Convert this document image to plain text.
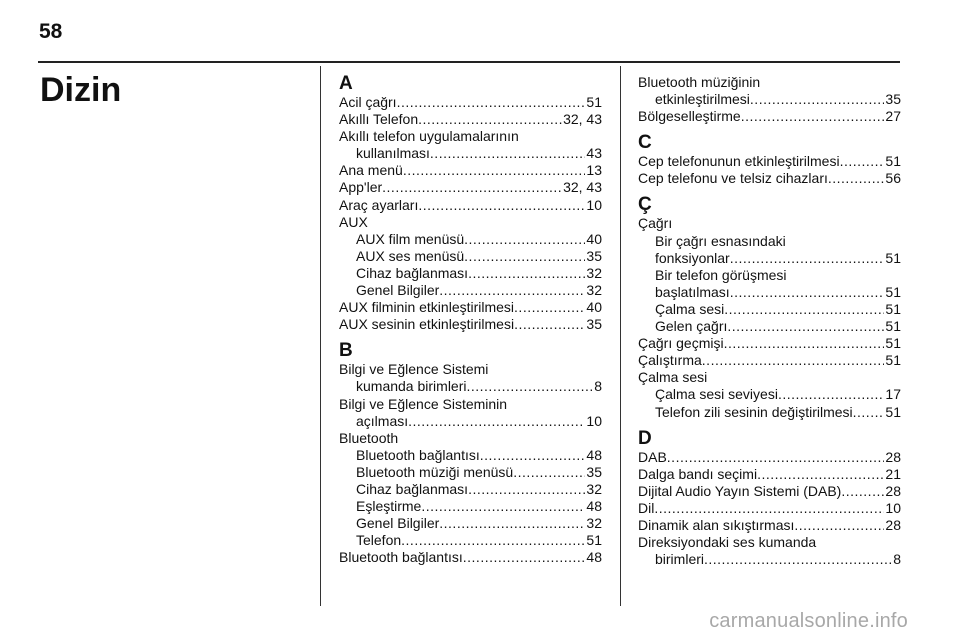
58
Dizin	A
Acil çağrı .....	51
Akıllı Telefon .....	32, 43
Akıllı telefon uygulamalarının
kullanılması .....	43
Ana menü .....	13
App'ler .....	32, 43
Araç ayarları .....	10
AUX
AUX film menüsü .....	40
AUX ses menüsü .....	35
Cihaz bağlanması .....	32
Genel Bilgiler .....	32
AUX filminin etkinleştirilmesi .....	40
AUX sesinin etkinleştirilmesi .....	35
B
Bilgi ve Eğlence Sistemi
kumanda birimleri .....	8
Bilgi ve Eğlence Sisteminin
açılması .....	10
Bluetooth
Bluetooth bağlantısı .....	48
Bluetooth müziği menüsü .....	35
Cihaz bağlanması .....	32
Eşleştirme .....	48
Genel Bilgiler .....	32
Telefon .....	51
Bluetooth bağlantısı .....	48
Bluetooth müziğinin
etkinleştirilmesi .....	35
Bölgeselleştirme .....	27
C
Cep telefonunun etkinleştirilmesi .....	51
Cep telefonu ve telsiz cihazları .....	56
Ç
Çağrı
Bir çağrı esnasındaki
fonksiyonlar .....	51
Bir telefon görüşmesi
başlatılması .....	51
Çalma sesi .....	51
Gelen çağrı .....	51
Çağrı geçmişi .....	51
Çalıştırma .....	51
Çalma sesi
Çalma sesi seviyesi .....	17
Telefon zili sesinin değiştirilmesi ..... 51
D
DAB .....	28
Dalga bandı seçimi .....	21
Dijital Audio Yayın Sistemi (DAB) .....	28
Dil .....	10
Dinamik alan sıkıştırması .....	28
Direksiyondaki ses kumanda
birimleri .....	8
carmanualsonline.info
